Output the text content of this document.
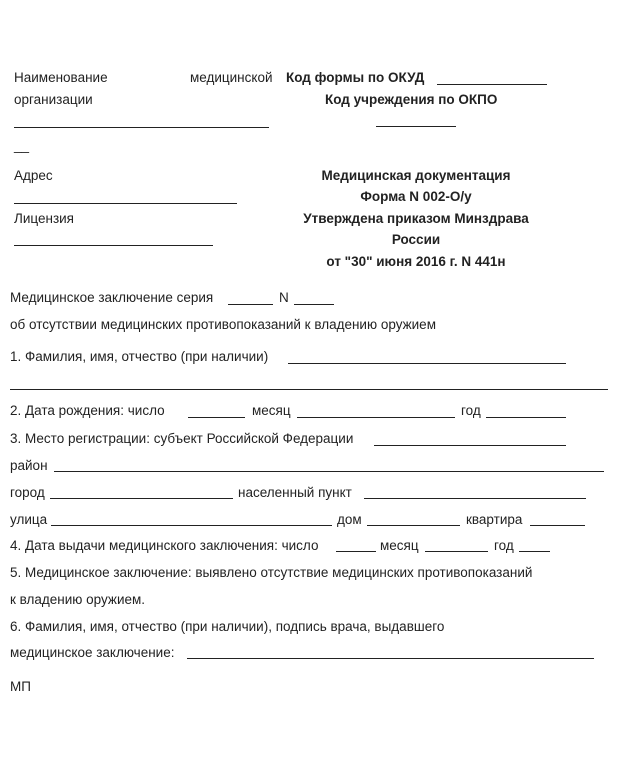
Наименование	медицинской
организации
__
Адрес
Лицензия
Код формы по ОКУД
Код учреждения по ОКПО
Медицинская документация
Форма N 002-О/у
Утверждена приказом Минздрава
России
от "30" июня 2016 г. N 441н
Медицинское заключение серия	N
об отсутствии медицинских противопоказаний к владению оружием
1. Фамилия, имя, отчество (при наличии)
2. Дата рождения: число	месяц	год
3. Место регистрации: субъект Российской Федерации
район
город	населенный пункт
улица	дом	квартира
4. Дата выдачи медицинского заключения: число	месяц	год
5. Медицинское заключение: выявлено отсутствие медицинских противопоказаний
к владению оружием.
6. Фамилия, имя, отчество (при наличии), подпись врача, выдавшего
медицинское заключение:
МП
